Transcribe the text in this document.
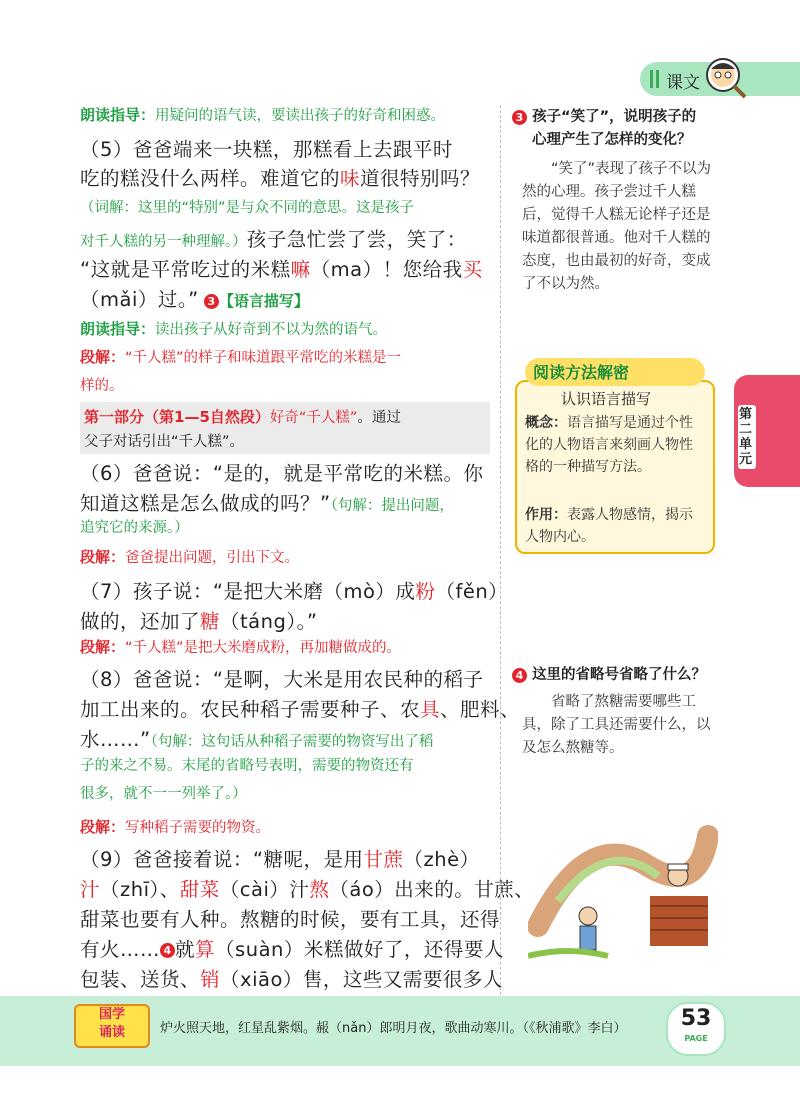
课文
朗读指导：用疑问的语气读，要读出孩子的好奇和困惑。
（5）爸爸端来一块糕，那糕看上去跟平时
吃的糕没什么两样。难道它的味道很特别吗？
（词解：这里的“特别”是与众不同的意思。这是孩子
对千人糕的另一种理解。）孩子急忙尝了尝，笑了：
“这就是平常吃过的米糕嘛（ma）！您给我买
（mǎi）过。” 3 【语言描写】
朗读指导：读出孩子从好奇到不以为然的语气。
段解：“千人糕”的样子和味道跟平常吃的米糕是一
样的。
第一部分（第1—5自然段）好奇“千人糕”。通过
父子对话引出“千人糕”。
（6）爸爸说：“是的，就是平常吃的米糕。你
知道这糕是怎么做成的吗？”（句解：提出问题，
追究它的来源。）
段解：爸爸提出问题，引出下文。
（7）孩子说：“是把大米磨（mò）成粉（fěn）
做的，还加了糖（táng）。”
段解：“千人糕”是把大米磨成粉，再加糖做成的。
（8）爸爸说：“是啊，大米是用农民种的稻子
加工出来的。农民种稻子需要种子、农具、肥料、
水……”（句解：这句话从种稻子需要的物资写出了稻
子的来之不易。末尾的省略号表明，需要的物资还有
很多，就不一一列举了。）
段解：写种稻子需要的物资。
（9）爸爸接着说：“糖呢，是用甘蔗（zhè）
汁（zhī）、甜菜（cài）汁熬（áo）出来的。甘蔗、
甜菜也要有人种。熬糖的时候，要有工具，还得
有火…… 4 就算（suàn）米糕做好了，还得要人
包装、送货、销（xiāo）售，这些又需要很多人
3 孩子“笑了”，说明孩子的
心理产生了怎样的变化？
“笑了”表现了孩子不以为然的心理。孩子尝过千人糕后，觉得千人糕无论样子还是味道都很普通。他对千人糕的态度，也由最初的好奇，变成了不以为然。
阅读方法解密
认识语言描写
概念：语言描写是通过个性化的人物语言来刻画人物性格的一种描写方法。
作用：表露人物感情，揭示人物内心。
第二单元
4 这里的省略号省略了什么？
省略了熬糖需要哪些工具，除了工具还需要什么，以及怎么熬糖等。
国学
诵读	炉火照天地，红星乱紫烟。赧（nǎn）郎明月夜，歌曲动寒川。（《秋浦歌》李白）	53
PAGE
